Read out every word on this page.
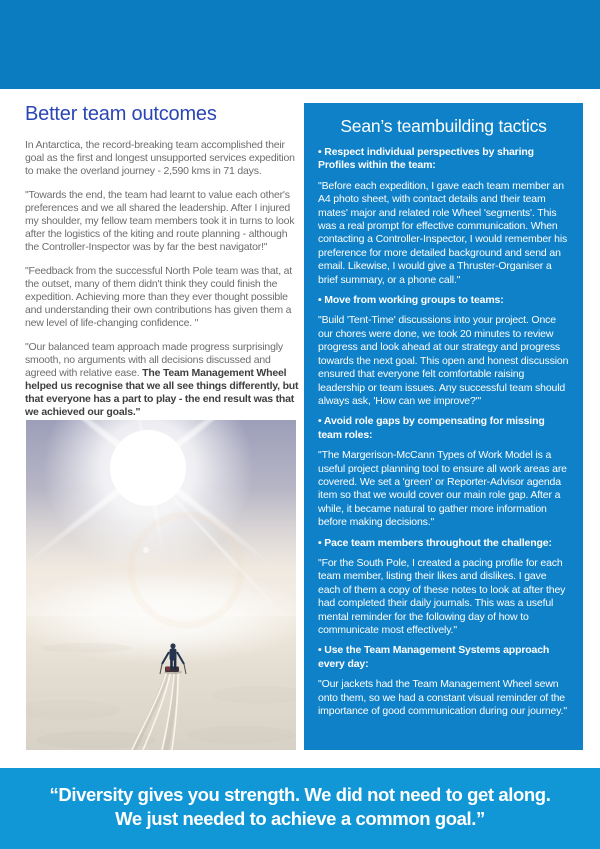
Better team outcomes

In Antarctica, the record-breaking team accomplished their goal as the first and longest unsupported services expedition to make the overland journey - 2,590 kms in 71 days.

"Towards the end, the team had learnt to value each other's preferences and we all shared the leadership. After I injured my shoulder, my fellow team members took it in turns to look after the logistics of the kiting and route planning - although the Controller-Inspector was by far the best navigator!"

"Feedback from the successful North Pole team was that, at the outset, many of them didn't think they could finish the expedition. Achieving more than they ever thought possible and understanding their own contributions has given them a new level of life-changing confidence. "

"Our balanced team approach made progress surprisingly smooth, no arguments with all decisions discussed and agreed with relative ease. The Team Management Wheel helped us recognise that we all see things differently, but that everyone has a part to play - the end result was that we achieved our goals."

Sean’s teambuilding tactics

• Respect individual perspectives by sharing Profiles within the team:

"Before each expedition, I gave each team member an A4 photo sheet, with contact details and their team mates' major and related role Wheel 'segments'. This was a real prompt for effective communication. When contacting a Controller-Inspector, I would remember his preference for more detailed background and send an email. Likewise, I would give a Thruster-Organiser a brief summary, or a phone call."

• Move from working groups to teams:

"Build 'Tent-Time' discussions into your project. Once our chores were done, we took 20 minutes to review progress and look ahead at our strategy and progress towards the next goal. This open and honest discussion ensured that everyone felt comfortable raising leadership or team issues. Any successful team should always ask, 'How can we improve?'"

• Avoid role gaps by compensating for missing team roles:

"The Margerison-McCann Types of Work Model is a useful project planning tool to ensure all work areas are covered. We set a 'green' or Reporter-Advisor agenda item so that we would cover our main role gap. After a while, it became natural to gather more information before making decisions."

• Pace team members throughout the challenge:

"For the South Pole, I created a pacing profile for each team member, listing their likes and dislikes. I gave each of them a copy of these notes to look at after they had completed their daily journals. This was a useful mental reminder for the following day of how to communicate most effectively."

• Use the Team Management Systems approach every day:

"Our jackets had the Team Management Wheel sewn onto them, so we had a constant visual reminder of the importance of good communication during our journey."

“Diversity gives you strength. We did not need to get along. We just needed to achieve a common goal.”
